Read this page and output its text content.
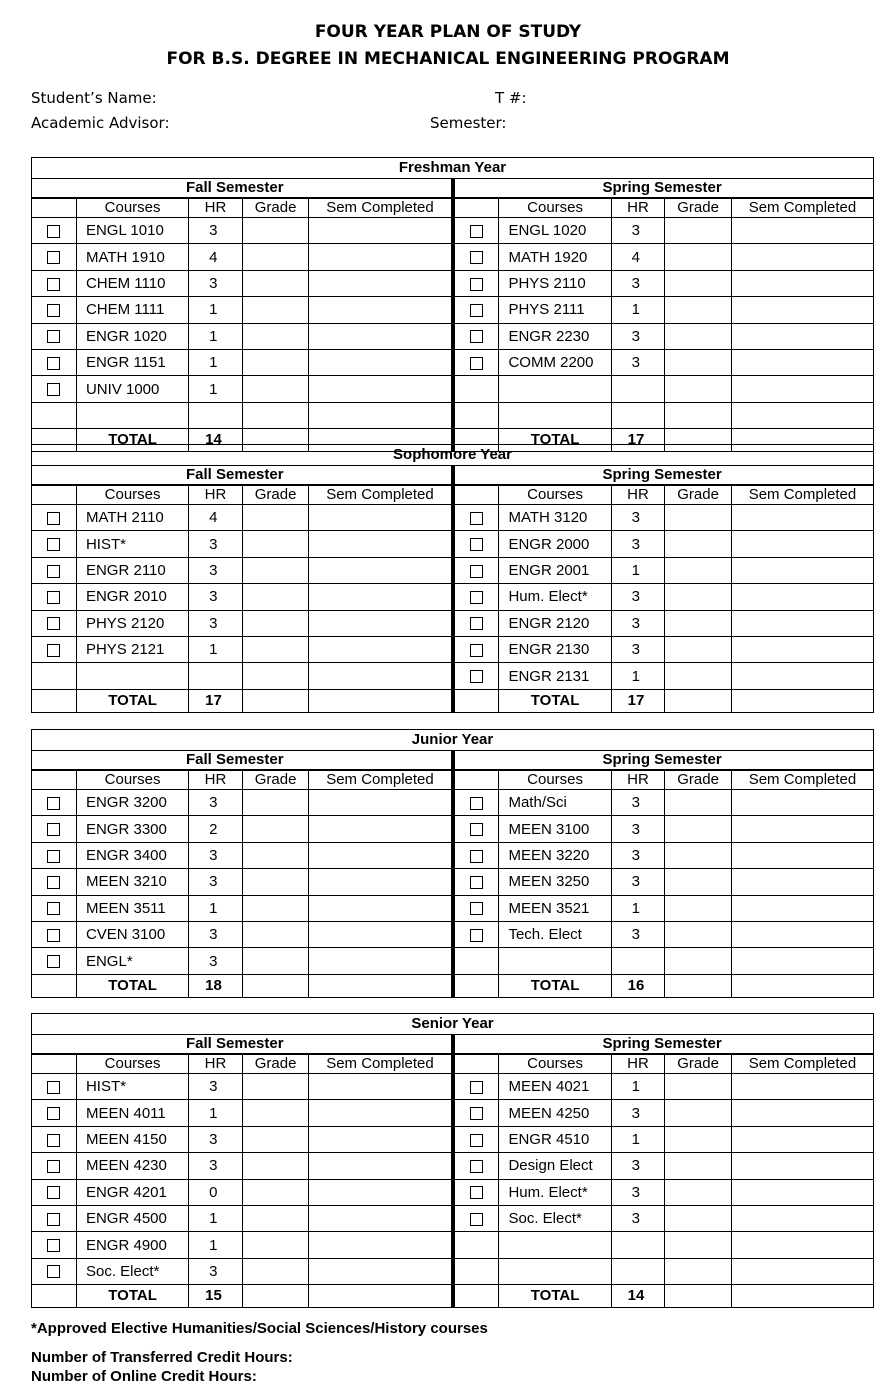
FOUR YEAR PLAN OF STUDY
FOR B.S. DEGREE IN MECHANICAL ENGINEERING PROGRAM
Student’s Name:	T #:
Academic Advisor:	Semester:
Freshman Year
Fall Semester
	Courses	HR	Grade	Sem Completed
	ENGL 1010	3		
	MATH 1910	4		
	CHEM 1110	3		
	CHEM 1111	1		
	ENGR 1020	1		
	ENGR 1151	1		
	UNIV 1000	1		

	TOTAL	14		
Spring Semester
	Courses	HR	Grade	Sem Completed
	ENGL 1020	3		
	MATH 1920	4		
	PHYS 2110	3		
	PHYS 2111	1		
	ENGR 2230	3		
	COMM 2200	3		

	TOTAL	17		
Sophomore Year
Fall Semester
	Courses	HR	Grade	Sem Completed
	MATH 2110	4		
	HIST*	3		
	ENGR 2110	3		
	ENGR 2010	3		
	PHYS 2120	3		
	PHYS 2121	1		

	TOTAL	17		
Spring Semester
	Courses	HR	Grade	Sem Completed
	MATH 3120	3		
	ENGR 2000	3		
	ENGR 2001	1		
	Hum. Elect*	3		
	ENGR 2120	3		
	ENGR 2130	3		
	ENGR 2131	1		
	TOTAL	17		
Junior Year
Fall Semester
	Courses	HR	Grade	Sem Completed
	ENGR 3200	3		
	ENGR 3300	2		
	ENGR 3400	3		
	MEEN 3210	3		
	MEEN 3511	1		
	CVEN 3100	3		
	ENGL*	3		
	TOTAL	18		
Spring Semester
	Courses	HR	Grade	Sem Completed
	Math/Sci	3		
	MEEN 3100	3		
	MEEN 3220	3		
	MEEN 3250	3		
	MEEN 3521	1		
	Tech. Elect	3		

	TOTAL	16		
Senior Year
Fall Semester
	Courses	HR	Grade	Sem Completed
	HIST*	3		
	MEEN 4011	1		
	MEEN 4150	3		
	MEEN 4230	3		
	ENGR 4201	0		
	ENGR 4500	1		
	ENGR 4900	1		
	Soc. Elect*	3		
	TOTAL	15		
Spring Semester
	Courses	HR	Grade	Sem Completed
	MEEN 4021	1		
	MEEN 4250	3		
	ENGR 4510	1		
	Design Elect	3		
	Hum. Elect*	3		
	Soc. Elect*	3		

	TOTAL	14		
*Approved Elective Humanities/Social Sciences/History courses
Number of Transferred Credit Hours:
Number of Online Credit Hours:
